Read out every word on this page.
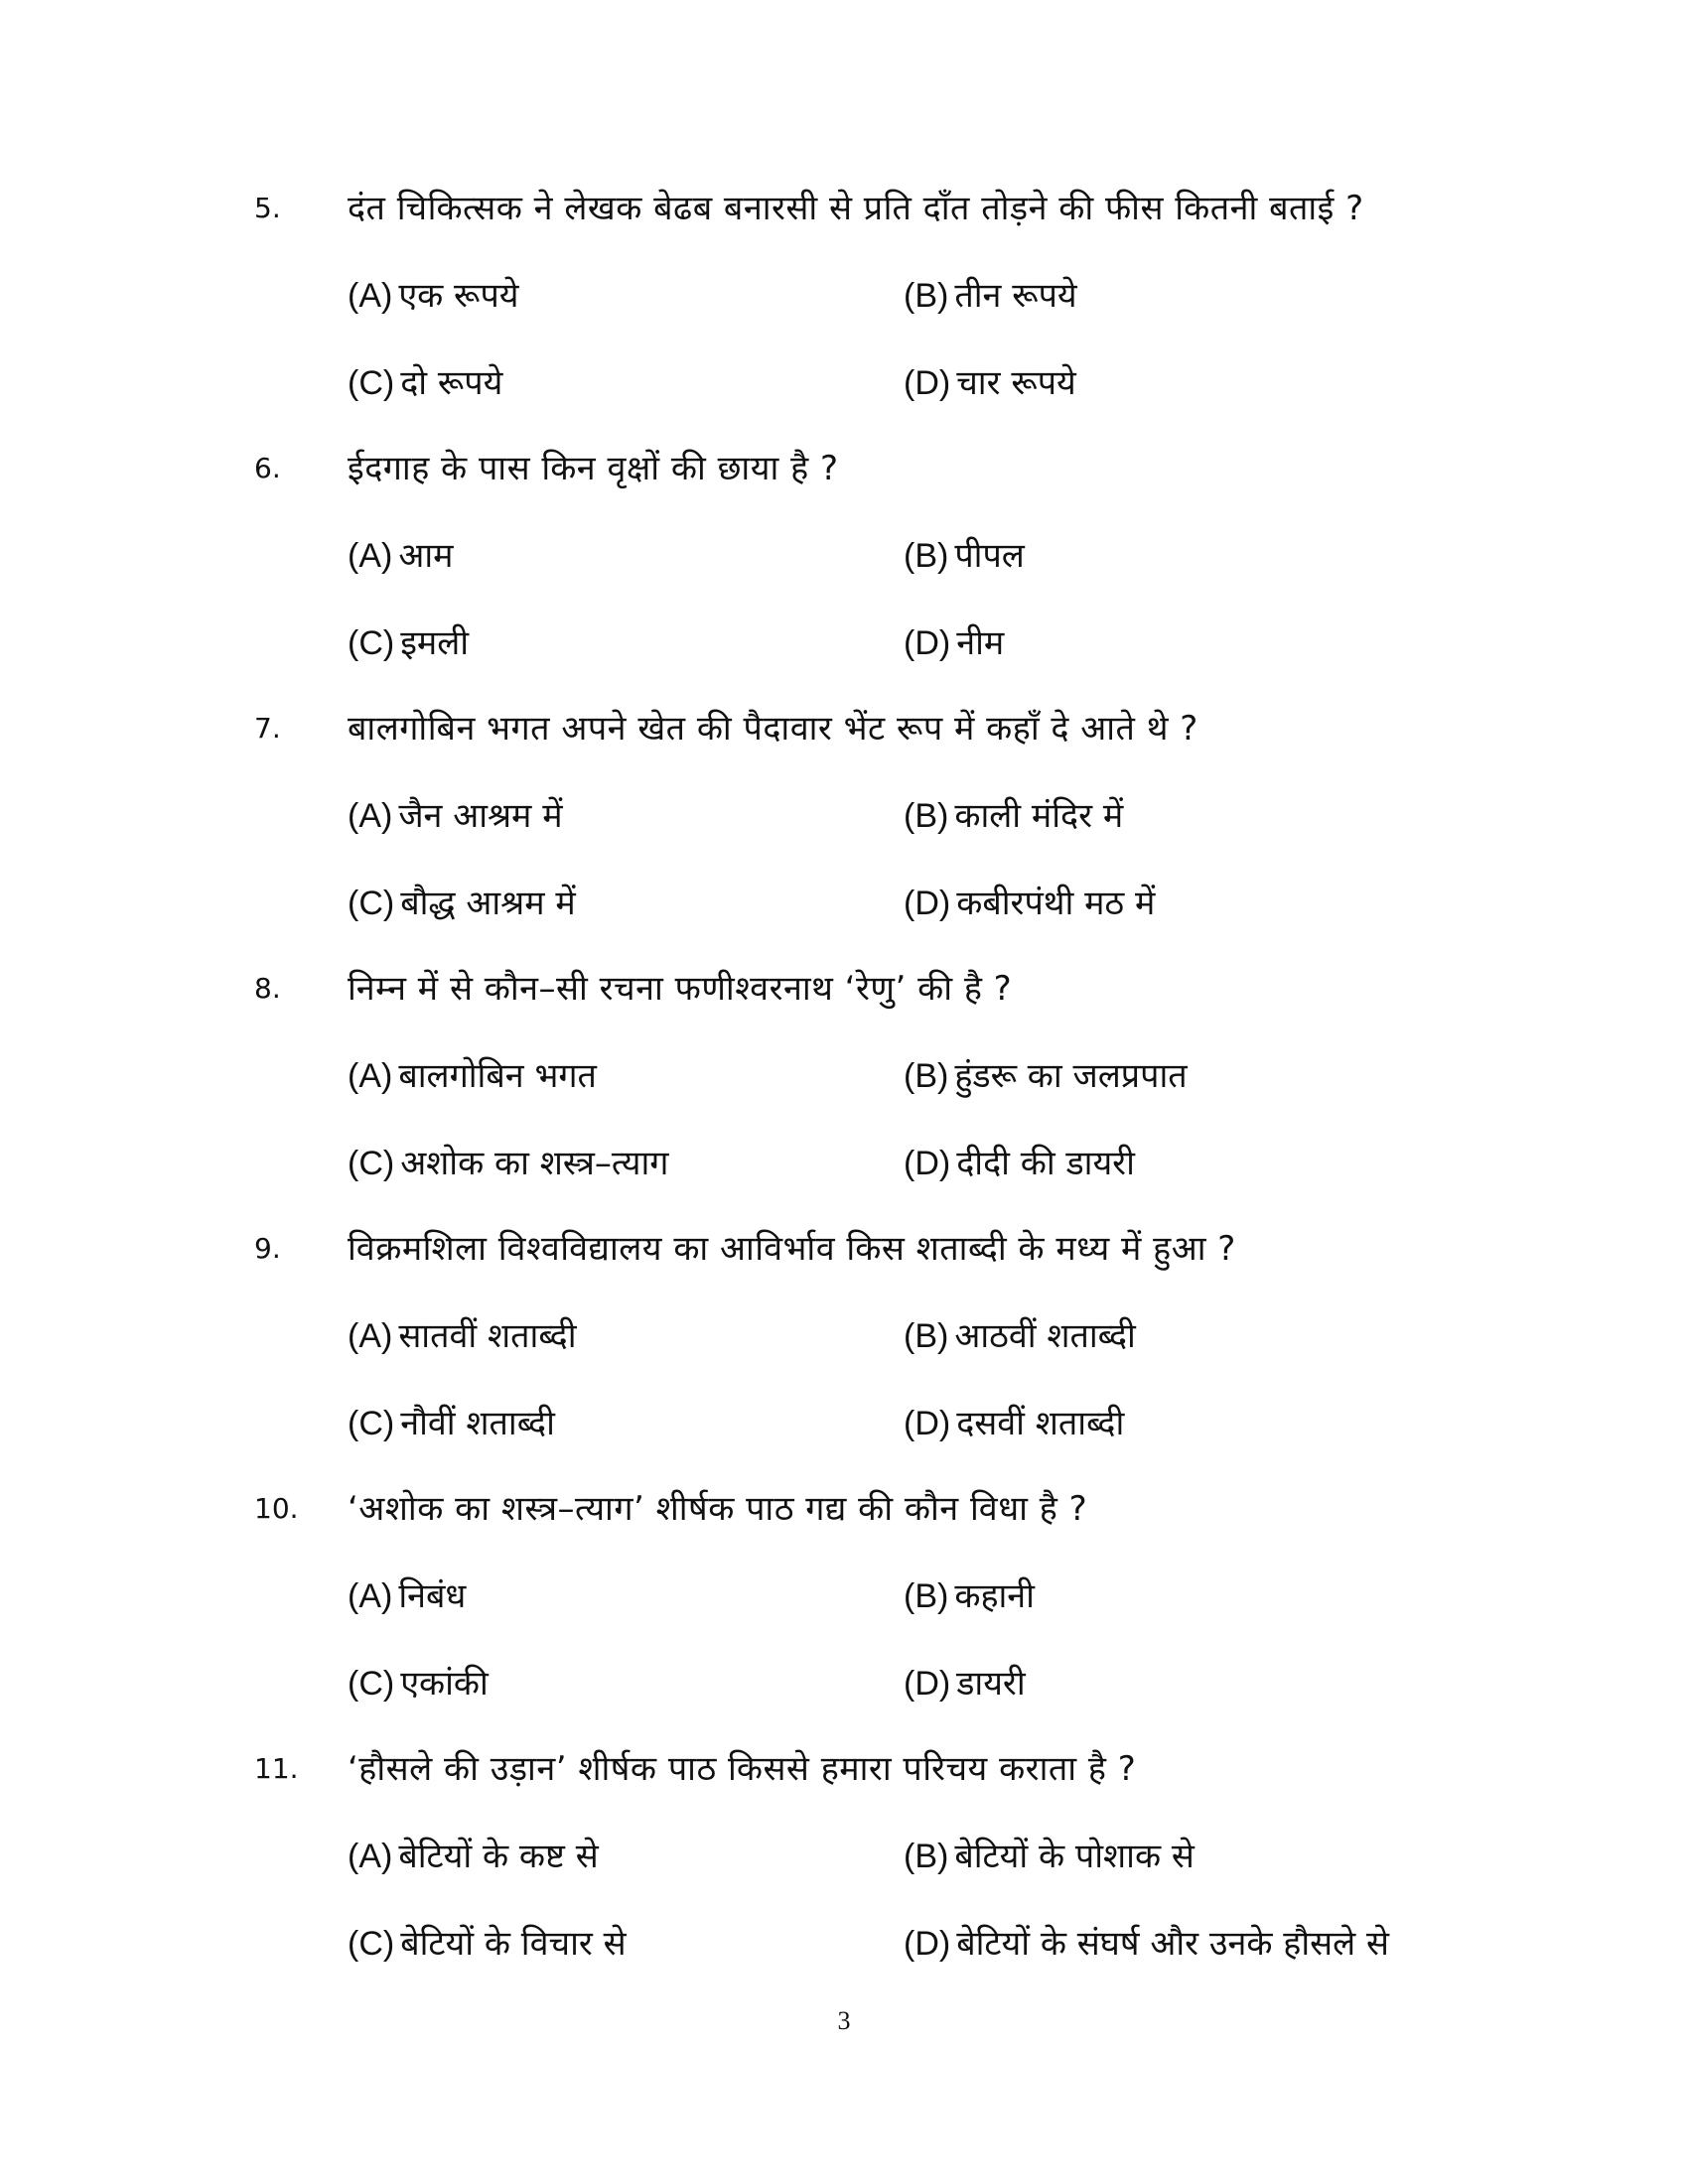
5. दंत चिकित्सक ने लेखक बेढब बनारसी से प्रति दाँत तोड़ने की फीस कितनी बताई ?
(A) एक रूपये	(B) तीन रूपये
(C) दो रूपये	(D) चार रूपये
6. ईदगाह के पास किन वृक्षों की छाया है ?
(A) आम	(B) पीपल
(C) इमली	(D) नीम
7. बालगोबिन भगत अपने खेत की पैदावार भेंट रूप में कहाँ दे आते थे ?
(A) जैन आश्रम में	(B) काली मंदिर में
(C) बौद्ध आश्रम में	(D) कबीरपंथी मठ में
8. निम्न में से कौन–सी रचना फणीश्वरनाथ ‘रेणु’ की है ?
(A) बालगोबिन भगत	(B) हुंडरू का जलप्रपात
(C) अशोक का शस्त्र–त्याग	(D) दीदी की डायरी
9. विक्रमशिला विश्वविद्यालय का आविर्भाव किस शताब्दी के मध्य में हुआ ?
(A) सातवीं शताब्दी	(B) आठवीं शताब्दी
(C) नौवीं शताब्दी	(D) दसवीं शताब्दी
10. ‘अशोक का शस्त्र–त्याग’ शीर्षक पाठ गद्य की कौन विधा है ?
(A) निबंध	(B) कहानी
(C) एकांकी	(D) डायरी
11. ‘हौसले की उड़ान’ शीर्षक पाठ किससे हमारा परिचय कराता है ?
(A) बेटियों के कष्ट से	(B) बेटियों के पोशाक से
(C) बेटियों के विचार से	(D) बेटियों के संघर्ष और उनके हौसले से
3
